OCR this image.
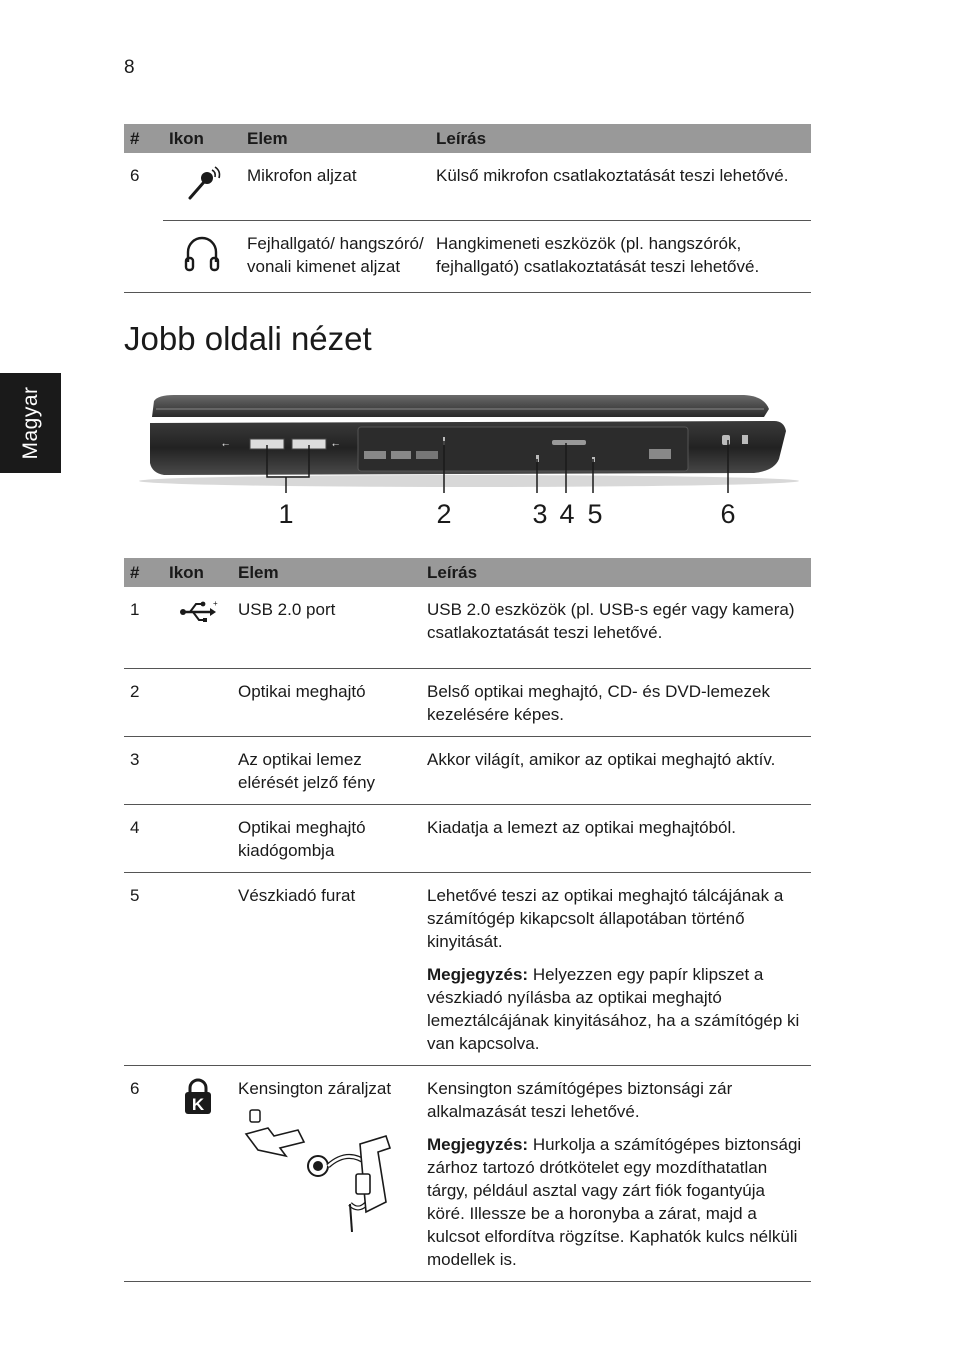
8
Magyar
#	Ikon	Elem	Leírás
6		Mikrofon aljzat	Külső mikrofon csatlakoztatását teszi lehetővé.
		Fejhallgató/ hangszóró/ vonali kimenet aljzat	Hangkimeneti eszközök (pl. hangszórók, fejhallgató) csatlakoztatását teszi lehetővé.
Jobb oldali nézet
⭠	⭠
1	2	3 4 5	6
#	Ikon	Elem	Leírás
1	+	USB 2.0 port	USB 2.0 eszközök (pl. USB-s egér vagy kamera) csatlakoztatását teszi lehetővé.
2		Optikai meghajtó	Belső optikai meghajtó, CD- és DVD-lemezek kezelésére képes.
3		Az optikai lemez elérését jelző fény	Akkor világít, amikor az optikai meghajtó aktív.
4		Optikai meghajtó kiadógombja	Kiadatja a lemezt az optikai meghajtóból.
5		Vészkiadó furat	Lehetővé teszi az optikai meghajtó tálcájának a számítógép kikapcsolt állapotában történő kinyitását.
Megjegyzés: Helyezzen egy papír klipszet a vészkiadó nyílásba az optikai meghajtó lemeztálcájának kinyitásához, ha a számítógép ki van kapcsolva.

6	K	Kensington záraljzat	Kensington számítógépes biztonsági zár alkalmazását teszi lehetővé.
Megjegyzés: Hurkolja a számítógépes biztonsági zárhoz tartozó drótkötelet egy mozdíthatatlan tárgy, például asztal vagy zárt fiók fogantyúja köré. Illessze be a horonyba a zárat, majd a kulcsot elfordítva rögzítse. Kaphatók kulcs nélküli modellek is.
